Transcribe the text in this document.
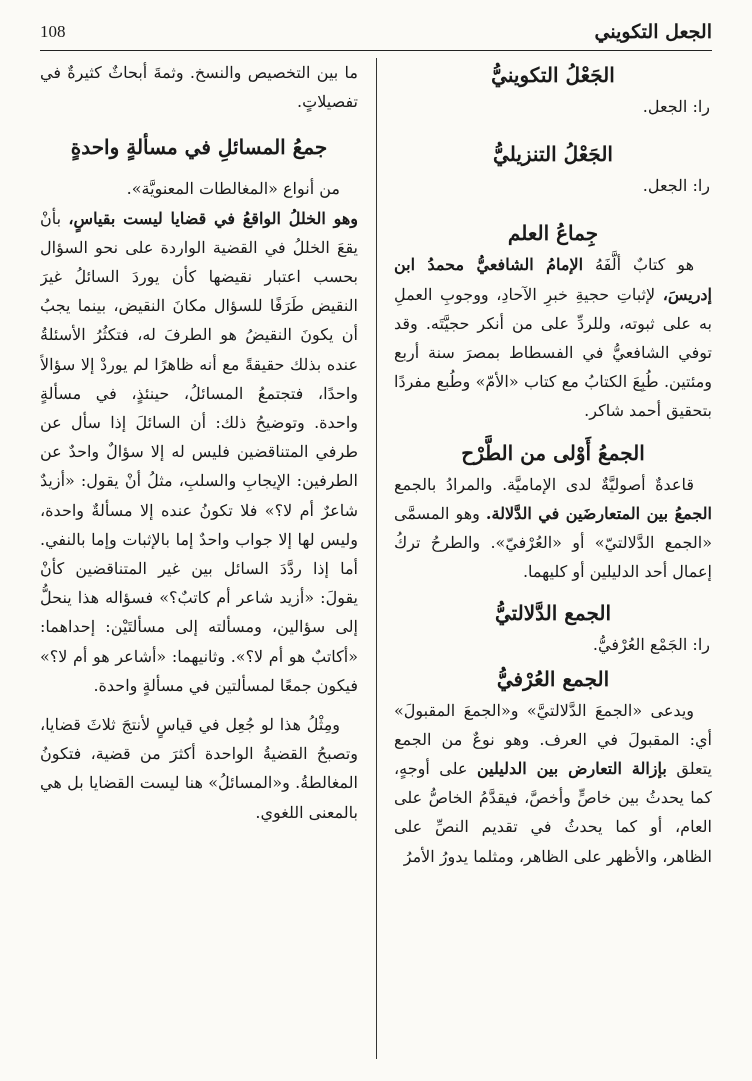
108	الجعل التكويني
الجَعْلُ التكوينيُّ

را: الجعل.

الجَعْلُ التنزيليُّ

را: الجعل.

جِماعُ العلم

هو كتابٌ ألَّفَهُ الإمامُ الشافعيُّ محمدُ ابن إدريسَ، لإثباتِ حجيةِ خبرِ الآحادِ، ووجوبِ العملِ به على ثبوته، وللردِّ على من أنكر حجيَّتَه. وقد توفي الشافعيُّ في الفسطاط بمصرَ سنة أربع ومئتين. طُبِعَ الكتابُ مع كتاب «الأمّ» وطُبع مفردًا بتحقيق أحمد شاكر.

الجمعُ أَوْلى من الطَّرْح

قاعدةٌ أصوليَّةٌ لدى الإماميَّة. والمرادُ بالجمع الجمعُ بين المتعارضَين في الدَّلالة. وهو المسمَّى «الجمع الدَّلالتيّ» أو «العُرْفيّ». والطرحُ تركُ إعمال أحد الدليلين أو كليهما.

الجمع الدَّلالتيُّ

را: الجَمْع العُرْفيُّ.

الجمع العُرْفيُّ

ويدعى «الجمعَ الدَّلالتيَّ» و«الجمعَ المقبولَ» أي: المقبولَ في العرف. وهو نوعٌ من الجمع يتعلق بإزالة التعارض بين الدليلين على أوجهٍ، كما يحدثُ بين خاصٍّ وأخصَّ، فيقدَّمُ الخاصُّ على العام، أو كما يحدثُ في تقديم النصِّ على الظاهر، والأظهر على الظاهر، ومثلما يدورُ الأمرُ

ما بين التخصيص والنسخ. وثمةَ أبحاثٌ كثيرةٌ في تفصيلاتٍ.

جمعُ المسائلِ في مسألةٍ واحدةٍ

من أنواع «المغالطات المعنويَّة».

وهو الخللُ الواقعُ في قضايا ليست بقياسٍ، بأنْ يقعَ الخللُ في القضية الواردة على نحو السؤال بحسب اعتبار نقيضها كأن يوردَ السائلُ غيرَ النقيض طَرَفًا للسؤال مكانَ النقيض، بينما يجبُ أن يكونَ النقيضُ هو الطرفَ له، فتكثُرُ الأسئلةُ عنده بذلك حقيقةً مع أنه ظاهرًا لم يوردْ إلا سؤالاً واحدًا، فتجتمعُ المسائلُ، حينئذٍ، في مسألةٍ واحدة. وتوضيحُ ذلك: أن السائلَ إذا سأل عن طرفي المتناقضين فليس له إلا سؤالٌ واحدٌ عن الطرفين: الإيجابِ والسلبِ، مثلُ أنْ يقول: «أزيدٌ شاعرٌ أم لا؟» فلا تكونُ عنده إلا مسألةٌ واحدة، وليس لها إلا جواب واحدٌ إما بالإثبات وإما بالنفي. أما إذا ردَّدَ السائل بين غير المتناقضين كأنْ يقولَ: «أزيد شاعر أم كاتبٌ؟» فسؤاله هذا ينحلُّ إلى سؤالين، ومسألته إلى مسألتَيْن: إحداهما: «أكاتبٌ هو أم لا؟». وثانيهما: «أشاعر هو أم لا؟» فيكون جمعًا لمسألتين في مسألةٍ واحدة.

ومِثْلُ هذا لو جُعِل في قياسٍ لأنتجَ ثلاثَ قضايا، وتصبحُ القضيةُ الواحدة أكثرَ من قضية، فتكونُ المغالطةُ. و«المسائلُ» هنا ليست القضايا بل هي بالمعنى اللغوي.
